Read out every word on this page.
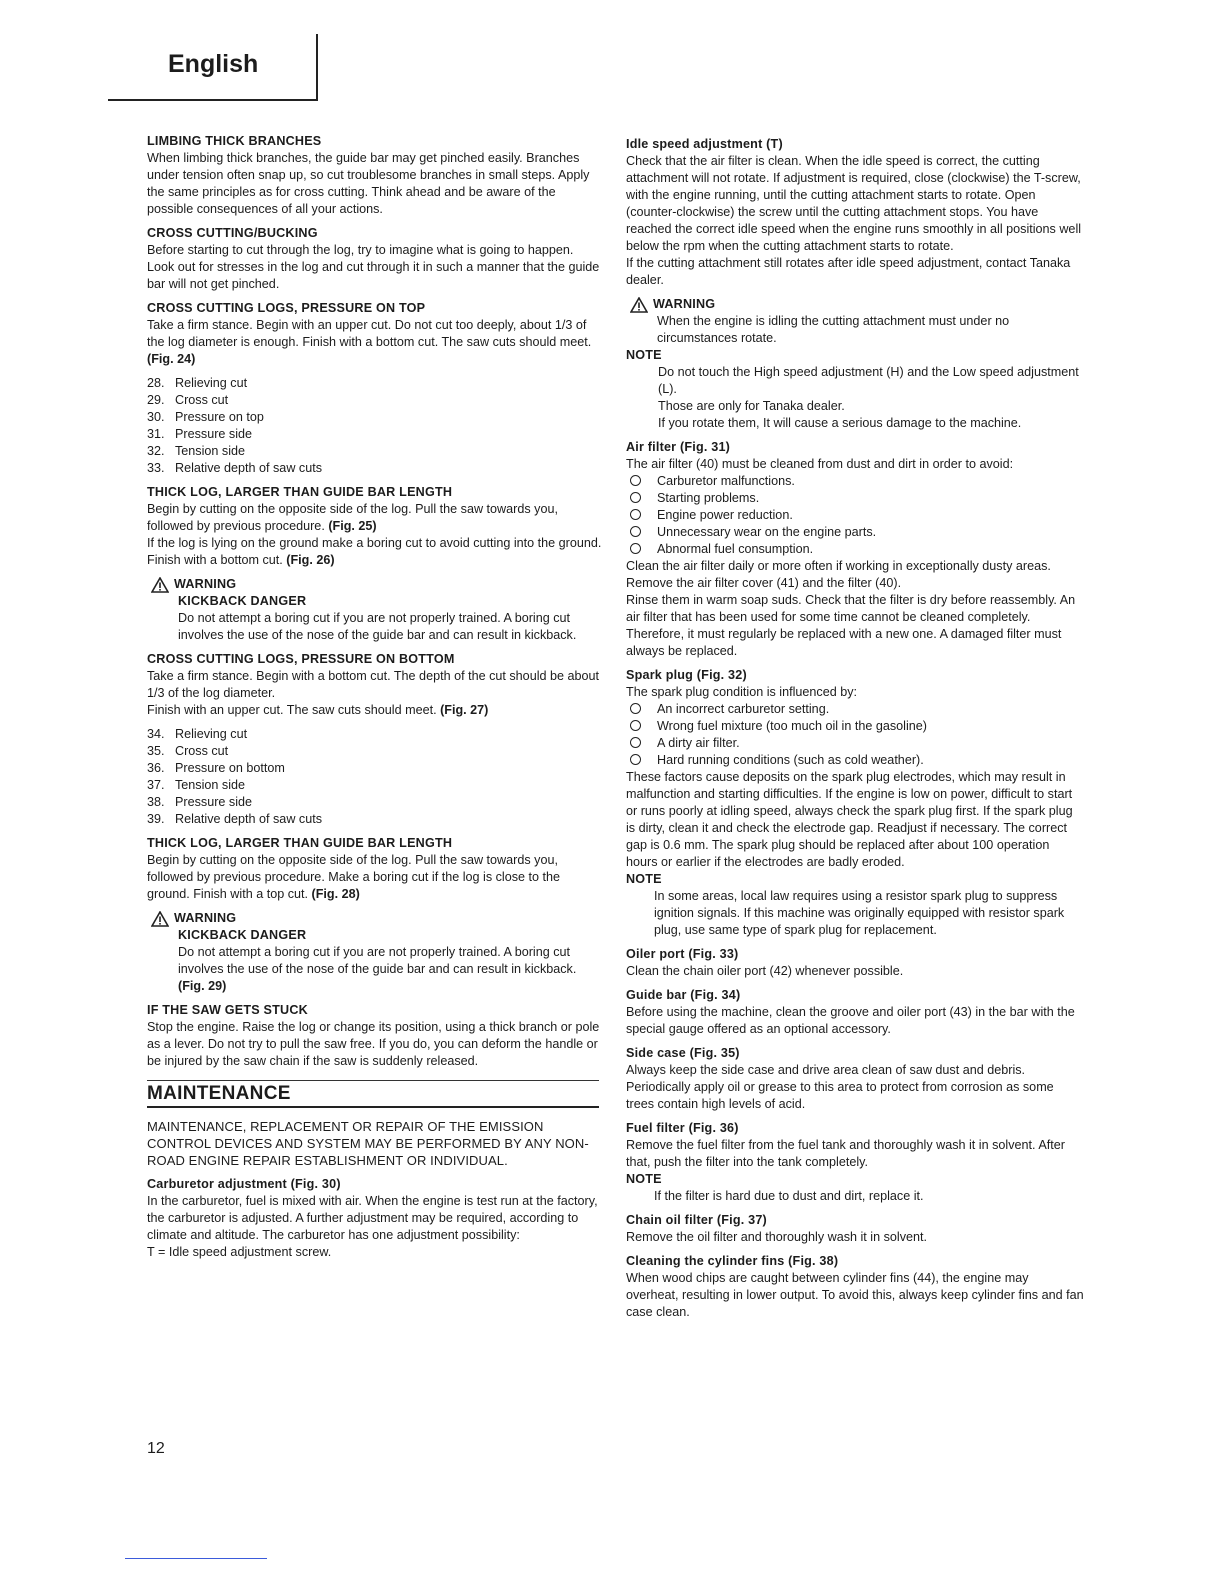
English
LIMBING THICK BRANCHES

When limbing thick branches, the guide bar may get pinched easily. Branches under tension often snap up, so cut troublesome branches in small steps. Apply the same principles as for cross cutting. Think ahead and be aware of the possible consequences of all your actions.

CROSS CUTTING/BUCKING

Before starting to cut through the log, try to imagine what is going to happen. Look out for stresses in the log and cut through it in such a manner that the guide bar will not get pinched.

CROSS CUTTING LOGS, PRESSURE ON TOP

Take a firm stance. Begin with an upper cut. Do not cut too deeply, about 1/3 of the log diameter is enough. Finish with a bottom cut. The saw cuts should meet. (Fig. 24)

28. Relieving cut
29. Cross cut
30. Pressure on top
31. Pressure side
32. Tension side
33. Relative depth of saw cuts
THICK LOG, LARGER THAN GUIDE BAR LENGTH

Begin by cutting on the opposite side of the log. Pull the saw towards you, followed by previous procedure. (Fig. 25)

If the log is lying on the ground make a boring cut to avoid cutting into the ground. Finish with a bottom cut. (Fig. 26)

WARNING
KICKBACK DANGER

Do not attempt a boring cut if you are not properly trained. A boring cut involves the use of the nose of the guide bar and can result in kickback.

CROSS CUTTING LOGS, PRESSURE ON BOTTOM

Take a firm stance. Begin with a bottom cut. The depth of the cut should be about 1/3 of the log diameter.

Finish with an upper cut. The saw cuts should meet. (Fig. 27)

34. Relieving cut
35. Cross cut
36. Pressure on bottom
37. Tension side
38. Pressure side
39. Relative depth of saw cuts
THICK LOG, LARGER THAN GUIDE BAR LENGTH

Begin by cutting on the opposite side of the log. Pull the saw towards you, followed by previous procedure. Make a boring cut if the log is close to the ground. Finish with a top cut. (Fig. 28)

WARNING
KICKBACK DANGER

Do not attempt a boring cut if you are not properly trained. A boring cut involves the use of the nose of the guide bar and can result in kickback. (Fig. 29)

IF THE SAW GETS STUCK

Stop the engine. Raise the log or change its position, using a thick branch or pole as a lever. Do not try to pull the saw free. If you do, you can deform the handle or be injured by the saw chain if the saw is suddenly released.

MAINTENANCE

MAINTENANCE, REPLACEMENT OR REPAIR OF THE EMISSION CONTROL DEVICES AND SYSTEM MAY BE PERFORMED BY ANY NON-ROAD ENGINE REPAIR ESTABLISHMENT OR INDIVIDUAL.

Carburetor adjustment (Fig. 30)

In the carburetor, fuel is mixed with air. When the engine is test run at the factory, the carburetor is adjusted. A further adjustment may be required, according to climate and altitude. The carburetor has one adjustment possibility:

T = Idle speed adjustment screw.

Idle speed adjustment (T)

Check that the air filter is clean. When the idle speed is correct, the cutting attachment will not rotate. If adjustment is required, close (clockwise) the T-screw, with the engine running, until the cutting attachment starts to rotate. Open (counter-clockwise) the screw until the cutting attachment stops. You have reached the correct idle speed when the engine runs smoothly in all positions well below the rpm when the cutting attachment starts to rotate.

If the cutting attachment still rotates after idle speed adjustment, contact Tanaka dealer.

WARNING

When the engine is idling the cutting attachment must under no circumstances rotate.

NOTE

Do not touch the High speed adjustment (H) and the Low speed adjustment (L).

Those are only for Tanaka dealer.

If you rotate them, It will cause a serious damage to the machine.

Air filter (Fig. 31)

The air filter (40) must be cleaned from dust and dirt in order to avoid:

Carburetor malfunctions.
Starting problems.
Engine power reduction.
Unnecessary wear on the engine parts.
Abnormal fuel consumption.

Clean the air filter daily or more often if working in exceptionally dusty areas.

Remove the air filter cover (41) and the filter (40).

Rinse them in warm soap suds. Check that the filter is dry before reassembly. An air filter that has been used for some time cannot be cleaned completely. Therefore, it must regularly be replaced with a new one. A damaged filter must always be replaced.

Spark plug (Fig. 32)

The spark plug condition is influenced by:

An incorrect carburetor setting.
Wrong fuel mixture (too much oil in the gasoline)
A dirty air filter.
Hard running conditions (such as cold weather).

These factors cause deposits on the spark plug electrodes, which may result in malfunction and starting difficulties. If the engine is low on power, difficult to start or runs poorly at idling speed, always check the spark plug first. If the spark plug is dirty, clean it and check the electrode gap. Readjust if necessary. The correct gap is 0.6 mm. The spark plug should be replaced after about 100 operation hours or earlier if the electrodes are badly eroded.

NOTE

In some areas, local law requires using a resistor spark plug to suppress ignition signals. If this machine was originally equipped with resistor spark plug, use same type of spark plug for replacement.

Oiler port (Fig. 33)

Clean the chain oiler port (42) whenever possible.

Guide bar (Fig. 34)

Before using the machine, clean the groove and oiler port (43) in the bar with the special gauge offered as an optional accessory.

Side case (Fig. 35)

Always keep the side case and drive area clean of saw dust and debris. Periodically apply oil or grease to this area to protect from corrosion as some trees contain high levels of acid.

Fuel filter (Fig. 36)

Remove the fuel filter from the fuel tank and thoroughly wash it in solvent. After that, push the filter into the tank completely.

NOTE

If the filter is hard due to dust and dirt, replace it.

Chain oil filter (Fig. 37)

Remove the oil filter and thoroughly wash it in solvent.

Cleaning the cylinder fins (Fig. 38)

When wood chips are caught between cylinder fins (44), the engine may overheat, resulting in lower output. To avoid this, always keep cylinder fins and fan case clean.

12
